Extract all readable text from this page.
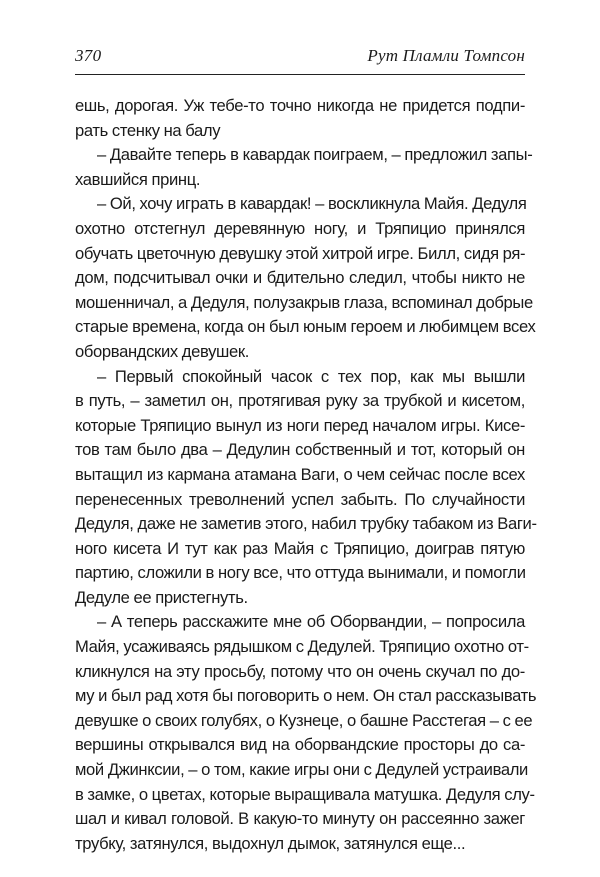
370	Рут Пламли Томпсон
ешь, дорогая. Уж тебе-то точно никогда не придется подпи-
рать стенку на балу
– Давайте теперь в кавардак поиграем, – предложил запы-
хавшийся принц.
– Ой, хочу играть в кавардак! – воскликнула Майя. Дедуля
охотно отстегнул деревянную ногу, и Тряпицио принялся
обучать цветочную девушку этой хитрой игре. Билл, сидя ря-
дом, подсчитывал очки и бдительно следил, чтобы никто не
мошенничал, а Дедуля, полузакрыв глаза, вспоминал добрые
старые времена, когда он был юным героем и любимцем всех
оборвандских девушек.
– Первый спокойный часок с тех пор, как мы вышли
в путь, – заметил он, протягивая руку за трубкой и кисетом,
которые Тряпицио вынул из ноги перед началом игры. Кисе-
тов там было два – Дедулин собственный и тот, который он
вытащил из кармана атамана Ваги, о чем сейчас после всех
перенесенных треволнений успел забыть. По случайности
Дедуля, даже не заметив этого, набил трубку табаком из Ваги-
ного кисета И тут как раз Майя с Тряпицио, доиграв пятую
партию, сложили в ногу все, что оттуда вынимали, и помогли
Дедуле ее пристегнуть.
– А теперь расскажите мне об Оборвандии, – попросила
Майя, усаживаясь рядышком с Дедулей. Тряпицио охотно от-
кликнулся на эту просьбу, потому что он очень скучал по до-
му и был рад хотя бы поговорить о нем. Он стал рассказывать
девушке о своих голубях, о Кузнеце, о башне Расстегая – с ее
вершины открывался вид на оборвандские просторы до са-
мой Джинксии, – о том, какие игры они с Дедулей устраивали
в замке, о цветах, которые выращивала матушка. Дедуля слу-
шал и кивал головой. В какую-то минуту он рассеянно зажег
трубку, затянулся, выдохнул дымок, затянулся еще...
